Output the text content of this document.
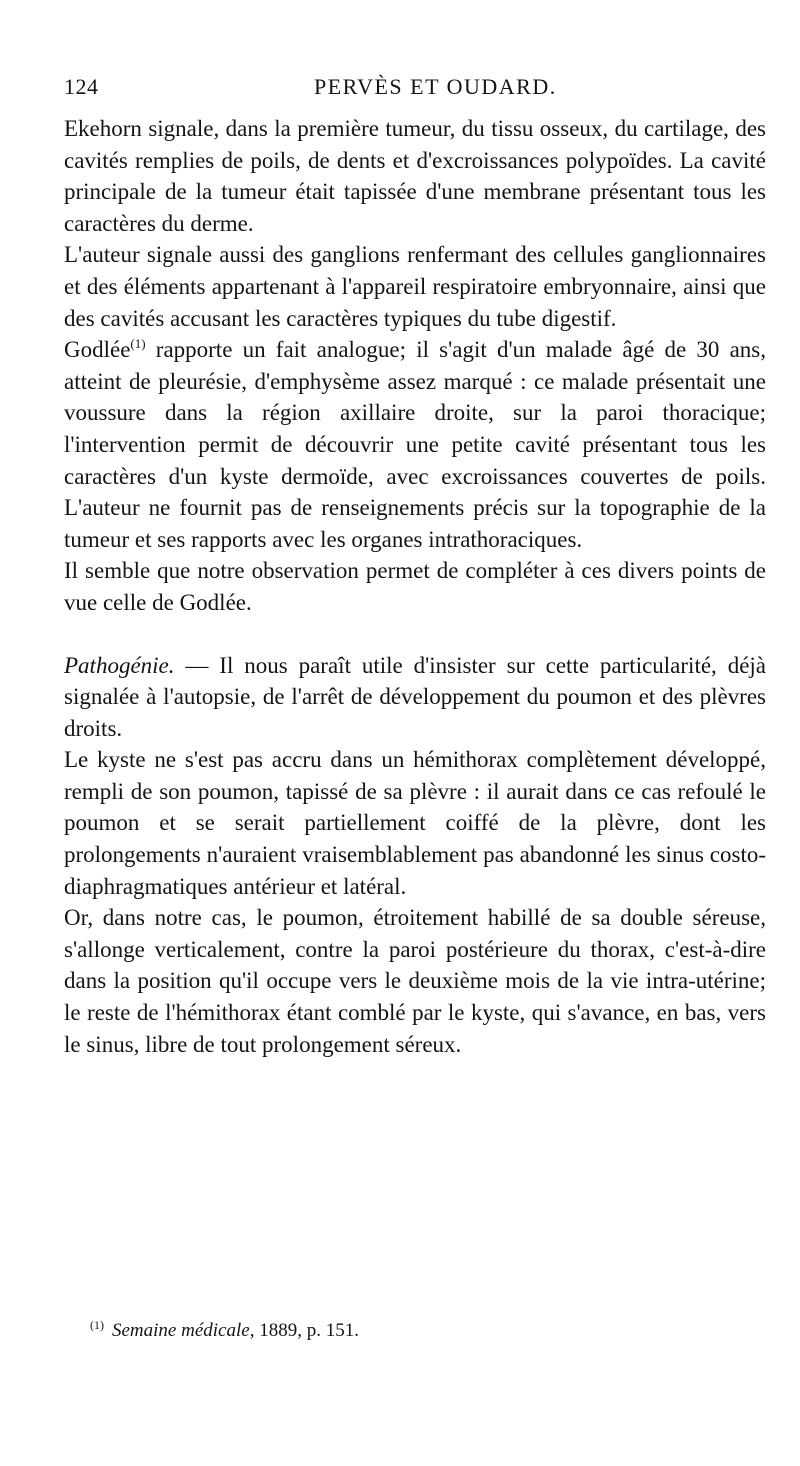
124	PERVÈS ET OUDARD.

Ekehorn signale, dans la première tumeur, du tissu osseux, du cartilage, des cavités remplies de poils, de dents et d'excroissances polypoïdes. La cavité principale de la tumeur était tapissée d'une membrane présentant tous les caractères du derme.

L'auteur signale aussi des ganglions renfermant des cellules ganglionnaires et des éléments appartenant à l'appareil respiratoire embryonnaire, ainsi que des cavités accusant les caractères typiques du tube digestif.

Godlée$^{(1)}$ rapporte un fait analogue; il s'agit d'un malade âgé de 30 ans, atteint de pleurésie, d'emphysème assez marqué : ce malade présentait une voussure dans la région axillaire droite, sur la paroi thoracique; l'intervention permit de découvrir une petite cavité présentant tous les caractères d'un kyste dermoïde, avec excroissances couvertes de poils. L'auteur ne fournit pas de renseignements précis sur la topographie de la tumeur et ses rapports avec les organes intrathoraciques.

Il semble que notre observation permet de compléter à ces divers points de vue celle de Godlée.

Pathogénie. — Il nous paraît utile d'insister sur cette particularité, déjà signalée à l'autopsie, de l'arrêt de développement du poumon et des plèvres droits.

Le kyste ne s'est pas accru dans un hémithorax complètement développé, rempli de son poumon, tapissé de sa plèvre : il aurait dans ce cas refoulé le poumon et se serait partiellement coiffé de la plèvre, dont les prolongements n'auraient vraisemblablement pas abandonné les sinus costo-diaphragmatiques antérieur et latéral.

Or, dans notre cas, le poumon, étroitement habillé de sa double séreuse, s'allonge verticalement, contre la paroi postérieure du thorax, c'est-à-dire dans la position qu'il occupe vers le deuxième mois de la vie intra-utérine; le reste de l'hémithorax étant comblé par le kyste, qui s'avance, en bas, vers le sinus, libre de tout prolongement séreux.

$^{(1)}$ Semaine médicale, 1889, p. 151.
